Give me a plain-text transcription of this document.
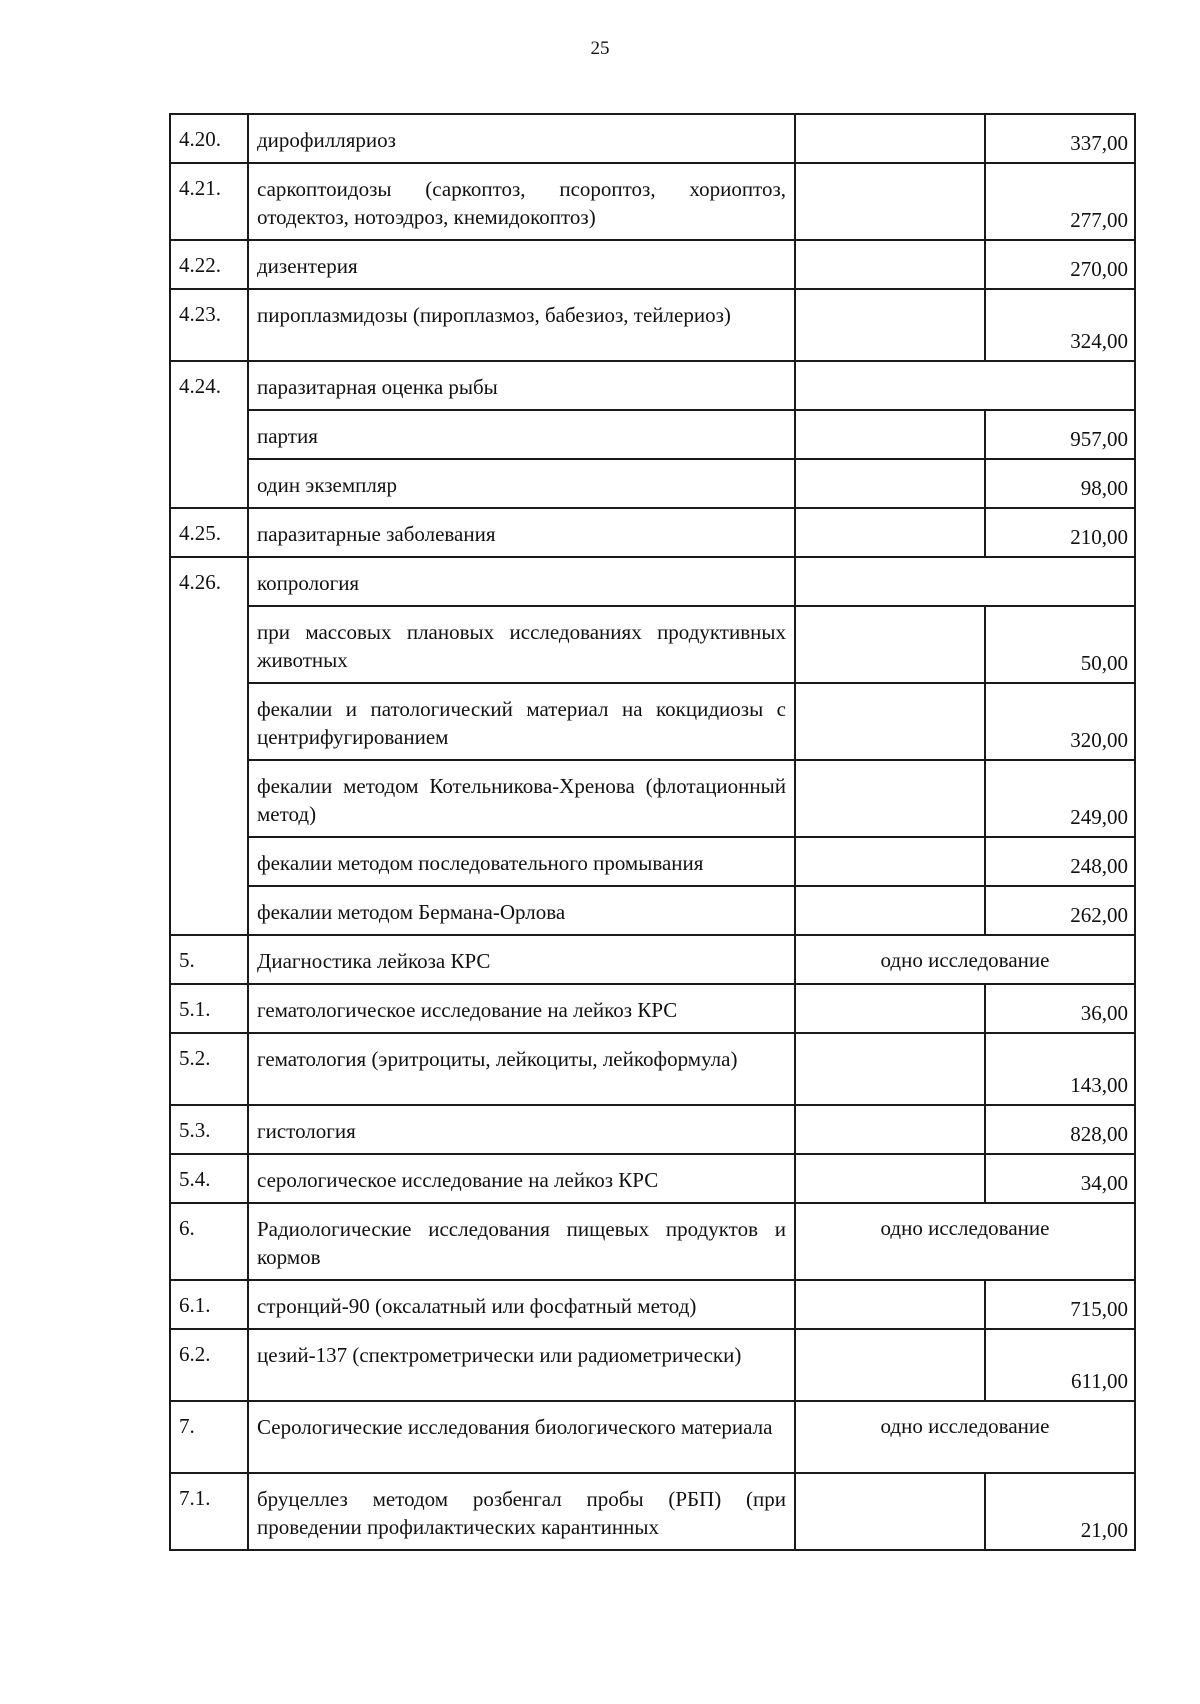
25
4.20.	дирофилляриоз		337,00
4.21.	саркоптоидозы (саркоптоз, псороптоз, хориоптоз, отодектоз, нотоэдроз, кнемидокоптоз)		277,00
4.22.	дизентерия		270,00
4.23.	пироплазмидозы (пироплазмоз, бабезиоз, тейлериоз)		324,00
4.24.	паразитарная оценка рыбы		

	партия		957,00

	один экземпляр		98,00
4.25.	паразитарные заболевания		210,00
4.26.	копрология		

	при массовых плановых исследованиях продуктивных животных		50,00

	фекалии и патологический материал на кокцидиозы с центрифугированием		320,00

	фекалии методом Котельникова-Хренова (флотационный метод)		249,00

	фекалии методом последовательного промывания		248,00

	фекалии методом Бермана-Орлова		262,00
5.	Диагностика лейкоза КРС	одно исследование	
5.1.	гематологическое исследование на лейкоз КРС		36,00
5.2.	гематология (эритроциты, лейкоциты, лейкоформула)		143,00
5.3.	гистология		828,00
5.4.	серологическое исследование на лейкоз КРС		34,00
6.	Радиологические исследования пищевых продуктов и кормов	одно исследование	
6.1.	стронций-90 (оксалатный или фосфатный метод)		715,00
6.2.	цезий-137 (спектрометрически или радиометрически)		611,00
7.	Серологические исследования биологического материала	одно исследование	
7.1.	бруцеллез методом розбенгал пробы (РБП) (при проведении профилактических карантинных		21,00
